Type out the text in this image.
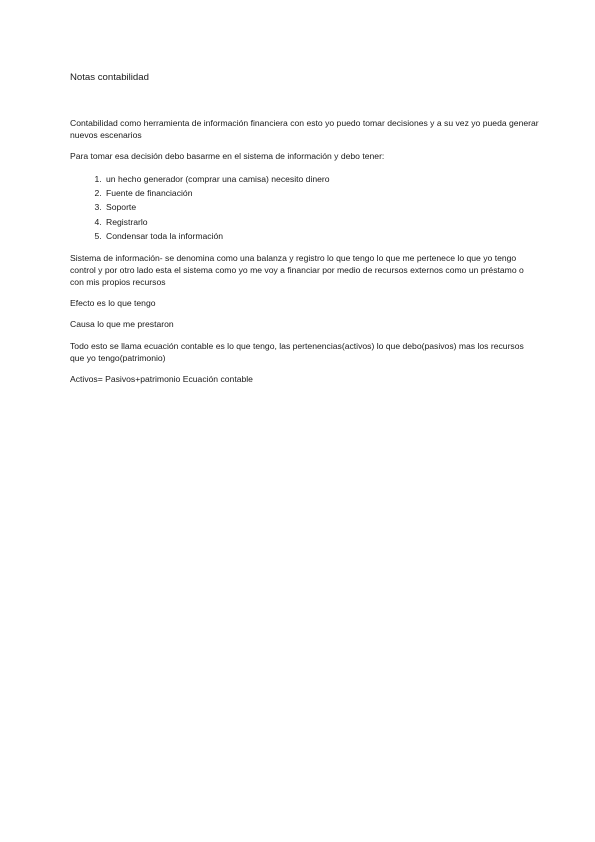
Notas contabilidad

Contabilidad como herramienta de información financiera con esto yo puedo tomar decisiones y a su vez yo pueda generar nuevos escenarios

Para tomar esa decisión debo basarme en el sistema de información y debo tener:

1. un hecho generador (comprar una camisa) necesito dinero
2. Fuente de financiación
3. Soporte
4. Registrarlo
5. Condensar toda la información

Sistema de información- se denomina como una balanza y registro lo que tengo lo que me pertenece lo que yo tengo control y por otro lado esta el sistema como yo me voy a financiar por medio de recursos externos como un préstamo o con mis propios recursos

Efecto es lo que tengo

Causa lo que me prestaron

Todo esto se llama ecuación contable es lo que tengo, las pertenencias(activos) lo que debo(pasivos) mas los recursos que yo tengo(patrimonio)

Activos= Pasivos+patrimonio Ecuación contable
